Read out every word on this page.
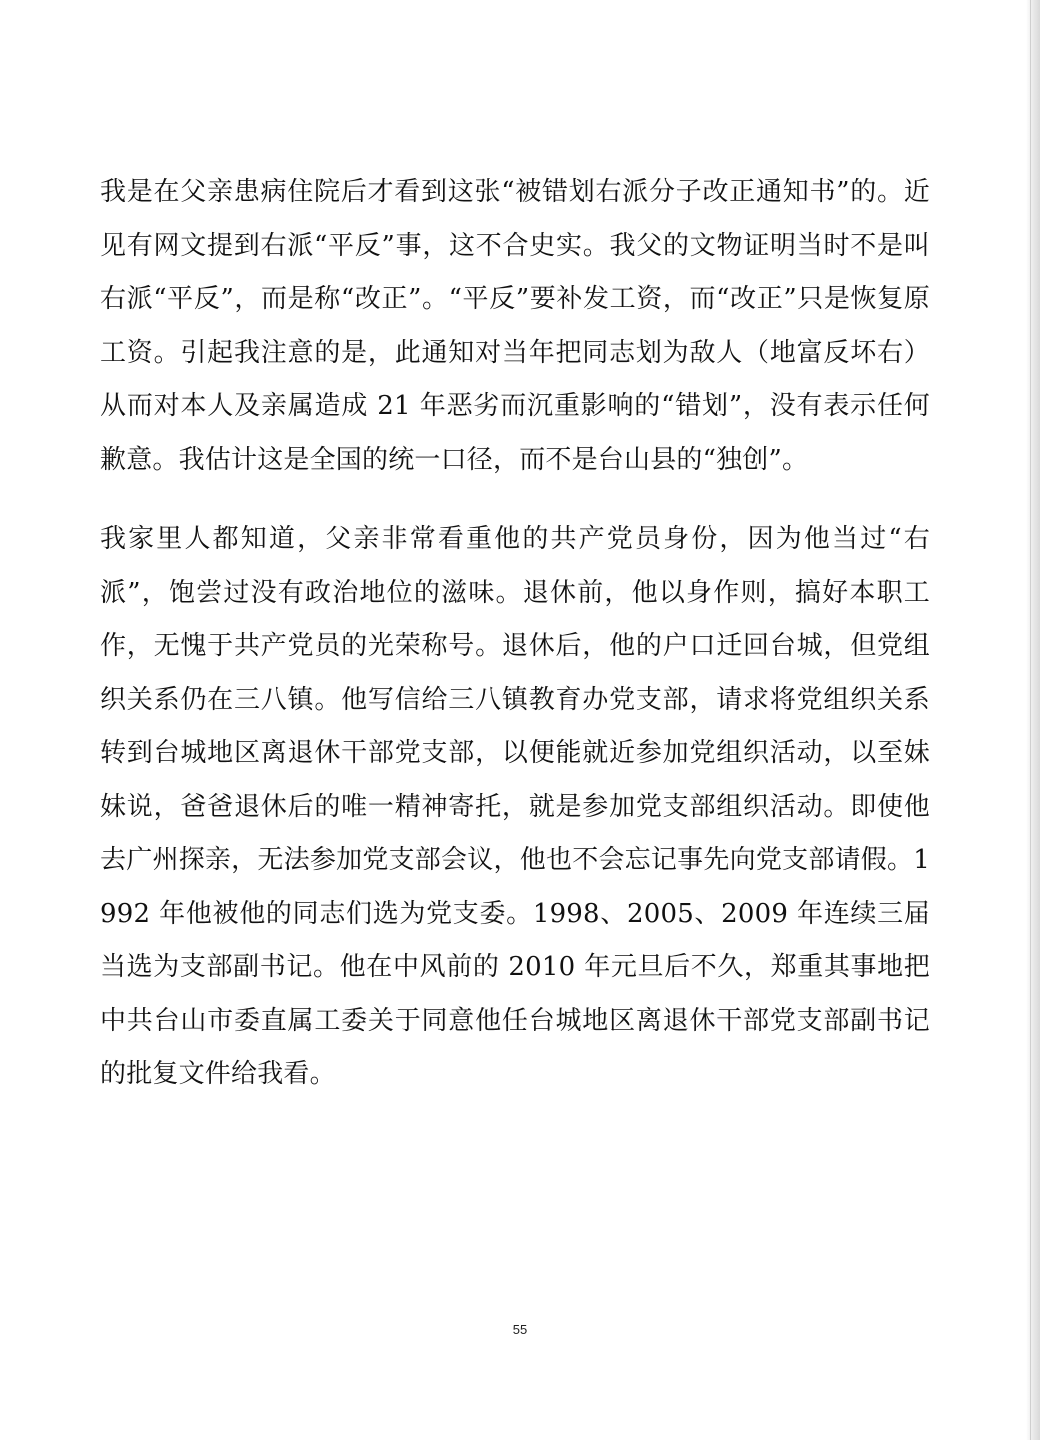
我是在父亲患病住院后才看到这张“被错划右派分子改正通知书”的。近见有网文提到右派“平反”事，这不合史实。我父的文物证明当时不是叫右派“平反”，而是称“改正”。“平反”要补发工资，而“改正”只是恢复原工资。引起我注意的是，此通知对当年把同志划为敌人（地富反坏右）从而对本人及亲属造成 21 年恶劣而沉重影响的“错划”，没有表示任何歉意。我估计这是全国的统一口径，而不是台山县的“独创”。

我家里人都知道，父亲非常看重他的共产党员身份，因为他当过“右派”，饱尝过没有政治地位的滋味。退休前，他以身作则，搞好本职工作，无愧于共产党员的光荣称号。退休后，他的户口迁回台城，但党组织关系仍在三八镇。他写信给三八镇教育办党支部，请求将党组织关系转到台城地区离退休干部党支部，以便能就近参加党组织活动，以至妹妹说，爸爸退休后的唯一精神寄托，就是参加党支部组织活动。即使他去广州探亲，无法参加党支部会议，他也不会忘记事先向党支部请假。1992 年他被他的同志们选为党支委。1998、2005、2009 年连续三届当选为支部副书记。他在中风前的 2010 年元旦后不久，郑重其事地把中共台山市委直属工委关于同意他任台城地区离退休干部党支部副书记的批复文件给我看。

55
